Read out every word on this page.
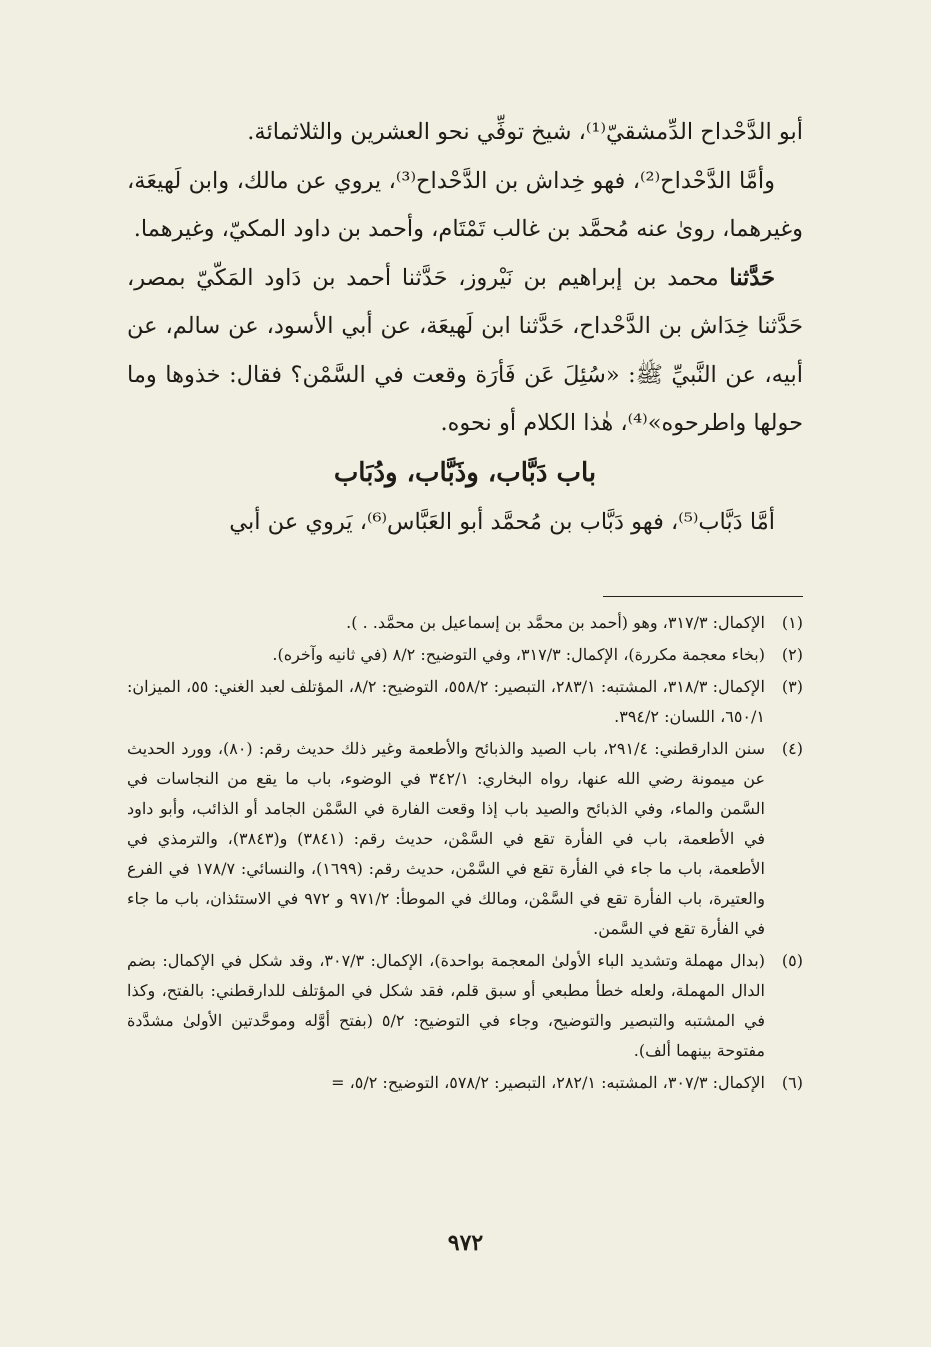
أبو الدَّحْداح الدِّمشقيّ⁽¹⁾، شيخ توفِّي نحو العشرين والثلاثمائة.

وأمَّا الدَّحْداح⁽²⁾، فهو خِداش بن الدَّحْداح⁽³⁾، يروي عن مالك، وابن لَهيعَة، وغيرهما، روىٰ عنه مُحمَّد بن غالب تَمْتَام، وأحمد بن داود المكيّ، وغيرهما.

حَدَّثنا محمد بن إبراهيم بن نَيْروز، حَدَّثنا أحمد بن دَاود المَكّيّ بمصر، حَدَّثنا خِدَاش بن الدَّحْداح، حَدَّثنا ابن لَهيعَة، عن أبي الأسود، عن سالم، عن أبيه، عن النَّبيِّ ﷺ: «سُئِلَ عَن فَأرَة وقعت في السَّمْن؟ فقال: خذوها وما حولها واطرحوه»⁽⁴⁾، هٰذا الكلام أو نحوه.

باب دَبَّاب، وذَبَّاب، ودُبَاب

أمَّا دَبَّاب⁽⁵⁾، فهو دَبَّاب بن مُحمَّد أبو العَبَّاس⁽⁶⁾، يَروي عن أبي

(١)
الإكمال: ٣١٧/٣، وهو (أحمد بن محمَّد بن إسماعيل بن محمَّد. . ).
(٢)
(بخاء معجمة مكررة)، الإكمال: ٣١٧/٣، وفي التوضيح: ٨/٢ (في ثانيه وآخره).
(٣)
الإكمال: ٣١٨/٣، المشتبه: ٢٨٣/١، التبصير: ٥٥٨/٢، التوضيح: ٨/٢، المؤتلف لعبد الغني: ٥٥، الميزان: ٦٥٠/١، اللسان: ٣٩٤/٢.
(٤)
سنن الدارقطني: ٢٩١/٤، باب الصيد والذبائح والأطعمة وغير ذلك حديث رقم: (٨٠)، وورد الحديث عن ميمونة رضي الله عنها، رواه البخاري: ٣٤٢/١ في الوضوء، باب ما يقع من النجاسات في السَّمن والماء، وفي الذبائح والصيد باب إذا وقعت الفارة في السَّمْن الجامد أو الذائب، وأبو داود في الأطعمة، باب في الفأرة تقع في السَّمْن، حديث رقم: (٣٨٤١) و(٣٨٤٣)، والترمذي في الأطعمة، باب ما جاء في الفأرة تقع في السَّمْن، حديث رقم: (١٦٩٩)، والنسائي: ١٧٨/٧ في الفرع والعتيرة، باب الفأرة تقع في السَّمْن، ومالك في الموطأ: ٩٧١/٢ و ٩٧٢ في الاستئذان، باب ما جاء في الفأرة تقع في السَّمن.
(٥)
(بدال مهملة وتشديد الباء الأولىٰ المعجمة بواحدة)، الإكمال: ٣٠٧/٣، وقد شكل في الإكمال: بضم الدال المهملة، ولعله خطأ مطبعي أو سبق قلم، فقد شكل في المؤتلف للدارقطني: بالفتح، وكذا في المشتبه والتبصير والتوضيح، وجاء في التوضيح: ٥/٢ (بفتح أوَّله وموحَّدتين الأولىٰ مشدَّدة مفتوحة بينهما ألف).
(٦)
الإكمال: ٣٠٧/٣، المشتبه: ٢٨٢/١، التبصير: ٥٧٨/٢، التوضيح: ٥/٢، =
٩٧٢
